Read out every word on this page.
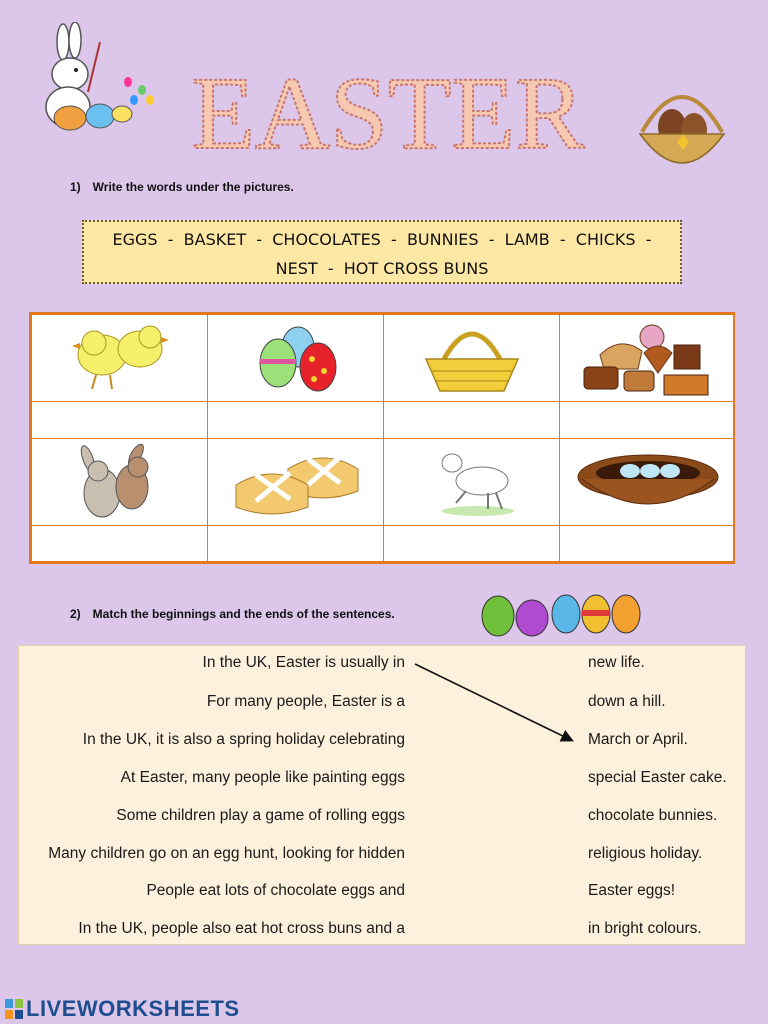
EASTER
1) Write the words under the pictures.
EGGS  -  BASKET  -  CHOCOLATES  -  BUNNIES  -  LAMB  -  CHICKS  -
NEST  -  HOT CROSS BUNS
2) Match the beginnings and the ends of the sentences.
In the UK, Easter is usually in
For many people, Easter is a
In the UK, it is also a spring holiday celebrating
At Easter, many people like painting eggs
Some children play a game of rolling eggs
Many children go on an egg hunt, looking for hidden
People eat lots of chocolate eggs and
In the UK, people also eat hot cross buns and a
new life.
down a hill.
March or April.
special Easter cake.
chocolate bunnies.
religious holiday.
Easter eggs!
in bright colours.
LIVEWORKSHEETS
